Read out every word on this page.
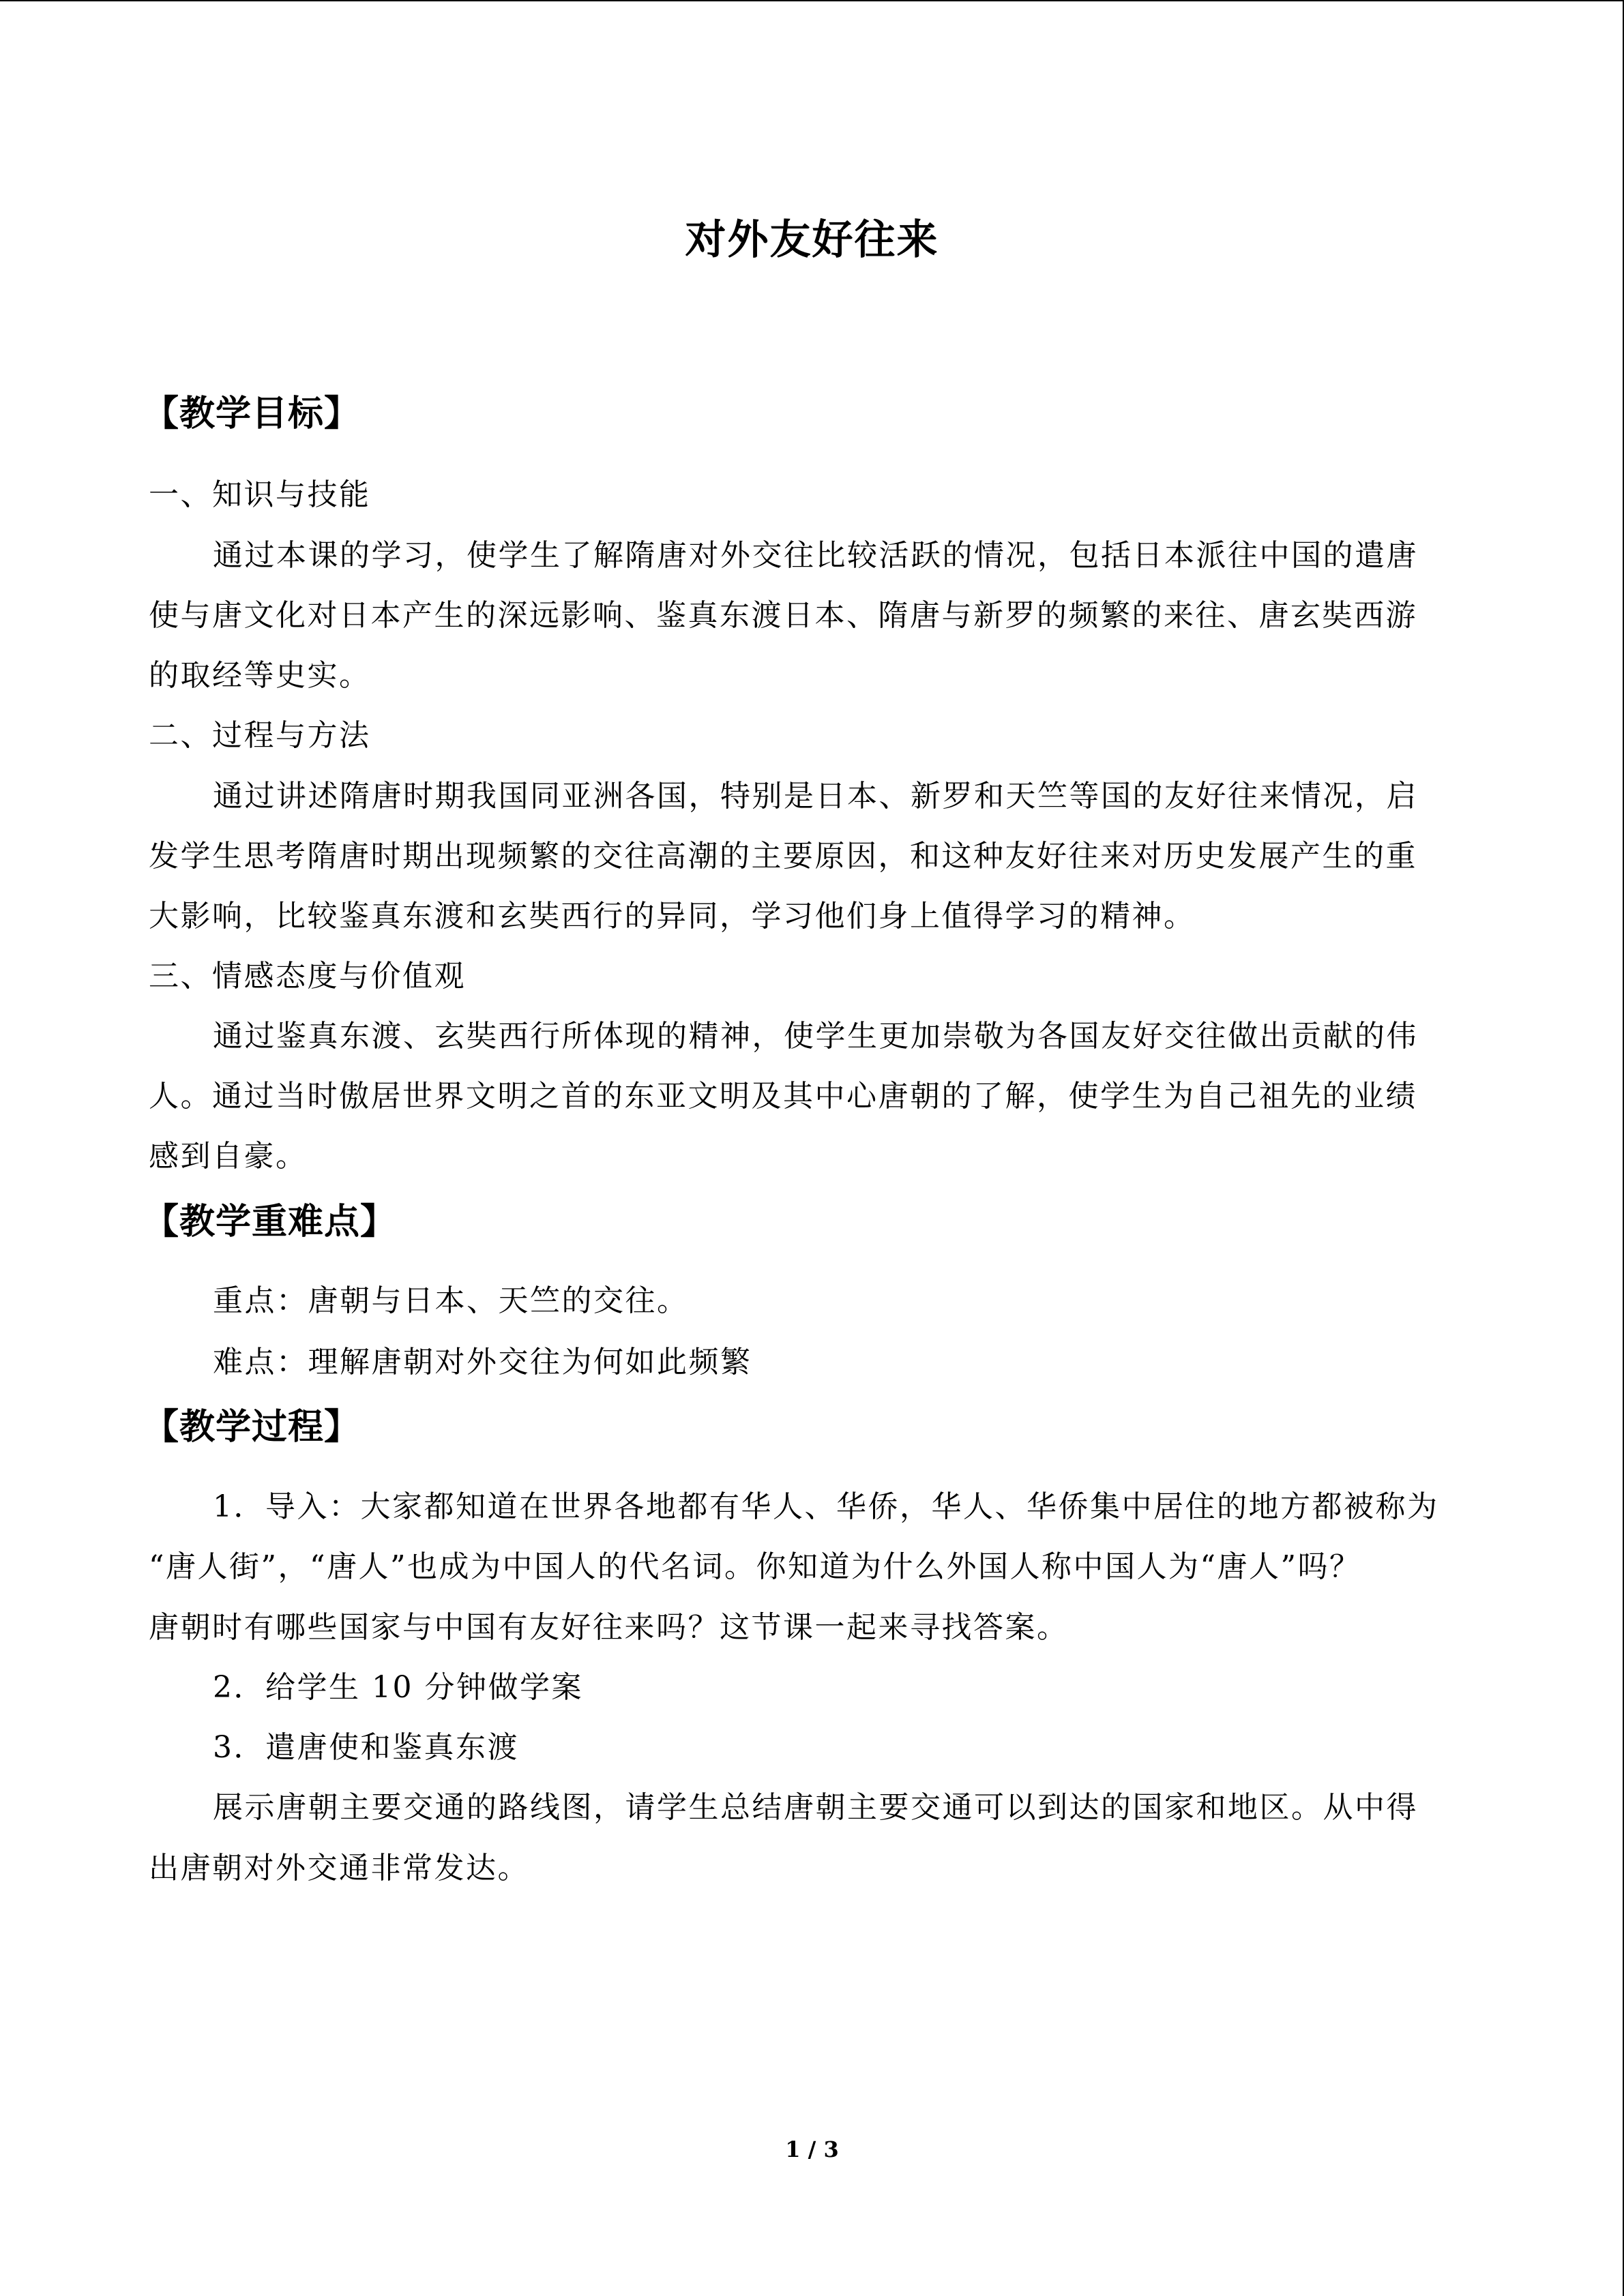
对外友好往来
【教学目标】
一、知识与技能
通过本课的学习，使学生了解隋唐对外交往比较活跃的情况，包括日本派往中国的遣唐
使与唐文化对日本产生的深远影响、鉴真东渡日本、隋唐与新罗的频繁的来往、唐玄奘西游
的取经等史实。
二、过程与方法
通过讲述隋唐时期我国同亚洲各国，特别是日本、新罗和天竺等国的友好往来情况，启
发学生思考隋唐时期出现频繁的交往高潮的主要原因，和这种友好往来对历史发展产生的重
大影响，比较鉴真东渡和玄奘西行的异同，学习他们身上值得学习的精神。
三、情感态度与价值观
通过鉴真东渡、玄奘西行所体现的精神，使学生更加崇敬为各国友好交往做出贡献的伟
人。通过当时傲居世界文明之首的东亚文明及其中心唐朝的了解，使学生为自己祖先的业绩
感到自豪。
【教学重难点】
重点：唐朝与日本、天竺的交往。
难点：理解唐朝对外交往为何如此频繁
【教学过程】
1．导入：大家都知道在世界各地都有华人、华侨，华人、华侨集中居住的地方都被称为
“唐人街”，“唐人”也成为中国人的代名词。你知道为什么外国人称中国人为“唐人”吗？
唐朝时有哪些国家与中国有友好往来吗？这节课一起来寻找答案。
2．给学生 10 分钟做学案
3．遣唐使和鉴真东渡
展示唐朝主要交通的路线图，请学生总结唐朝主要交通可以到达的国家和地区。从中得
出唐朝对外交通非常发达。
1 / 3
